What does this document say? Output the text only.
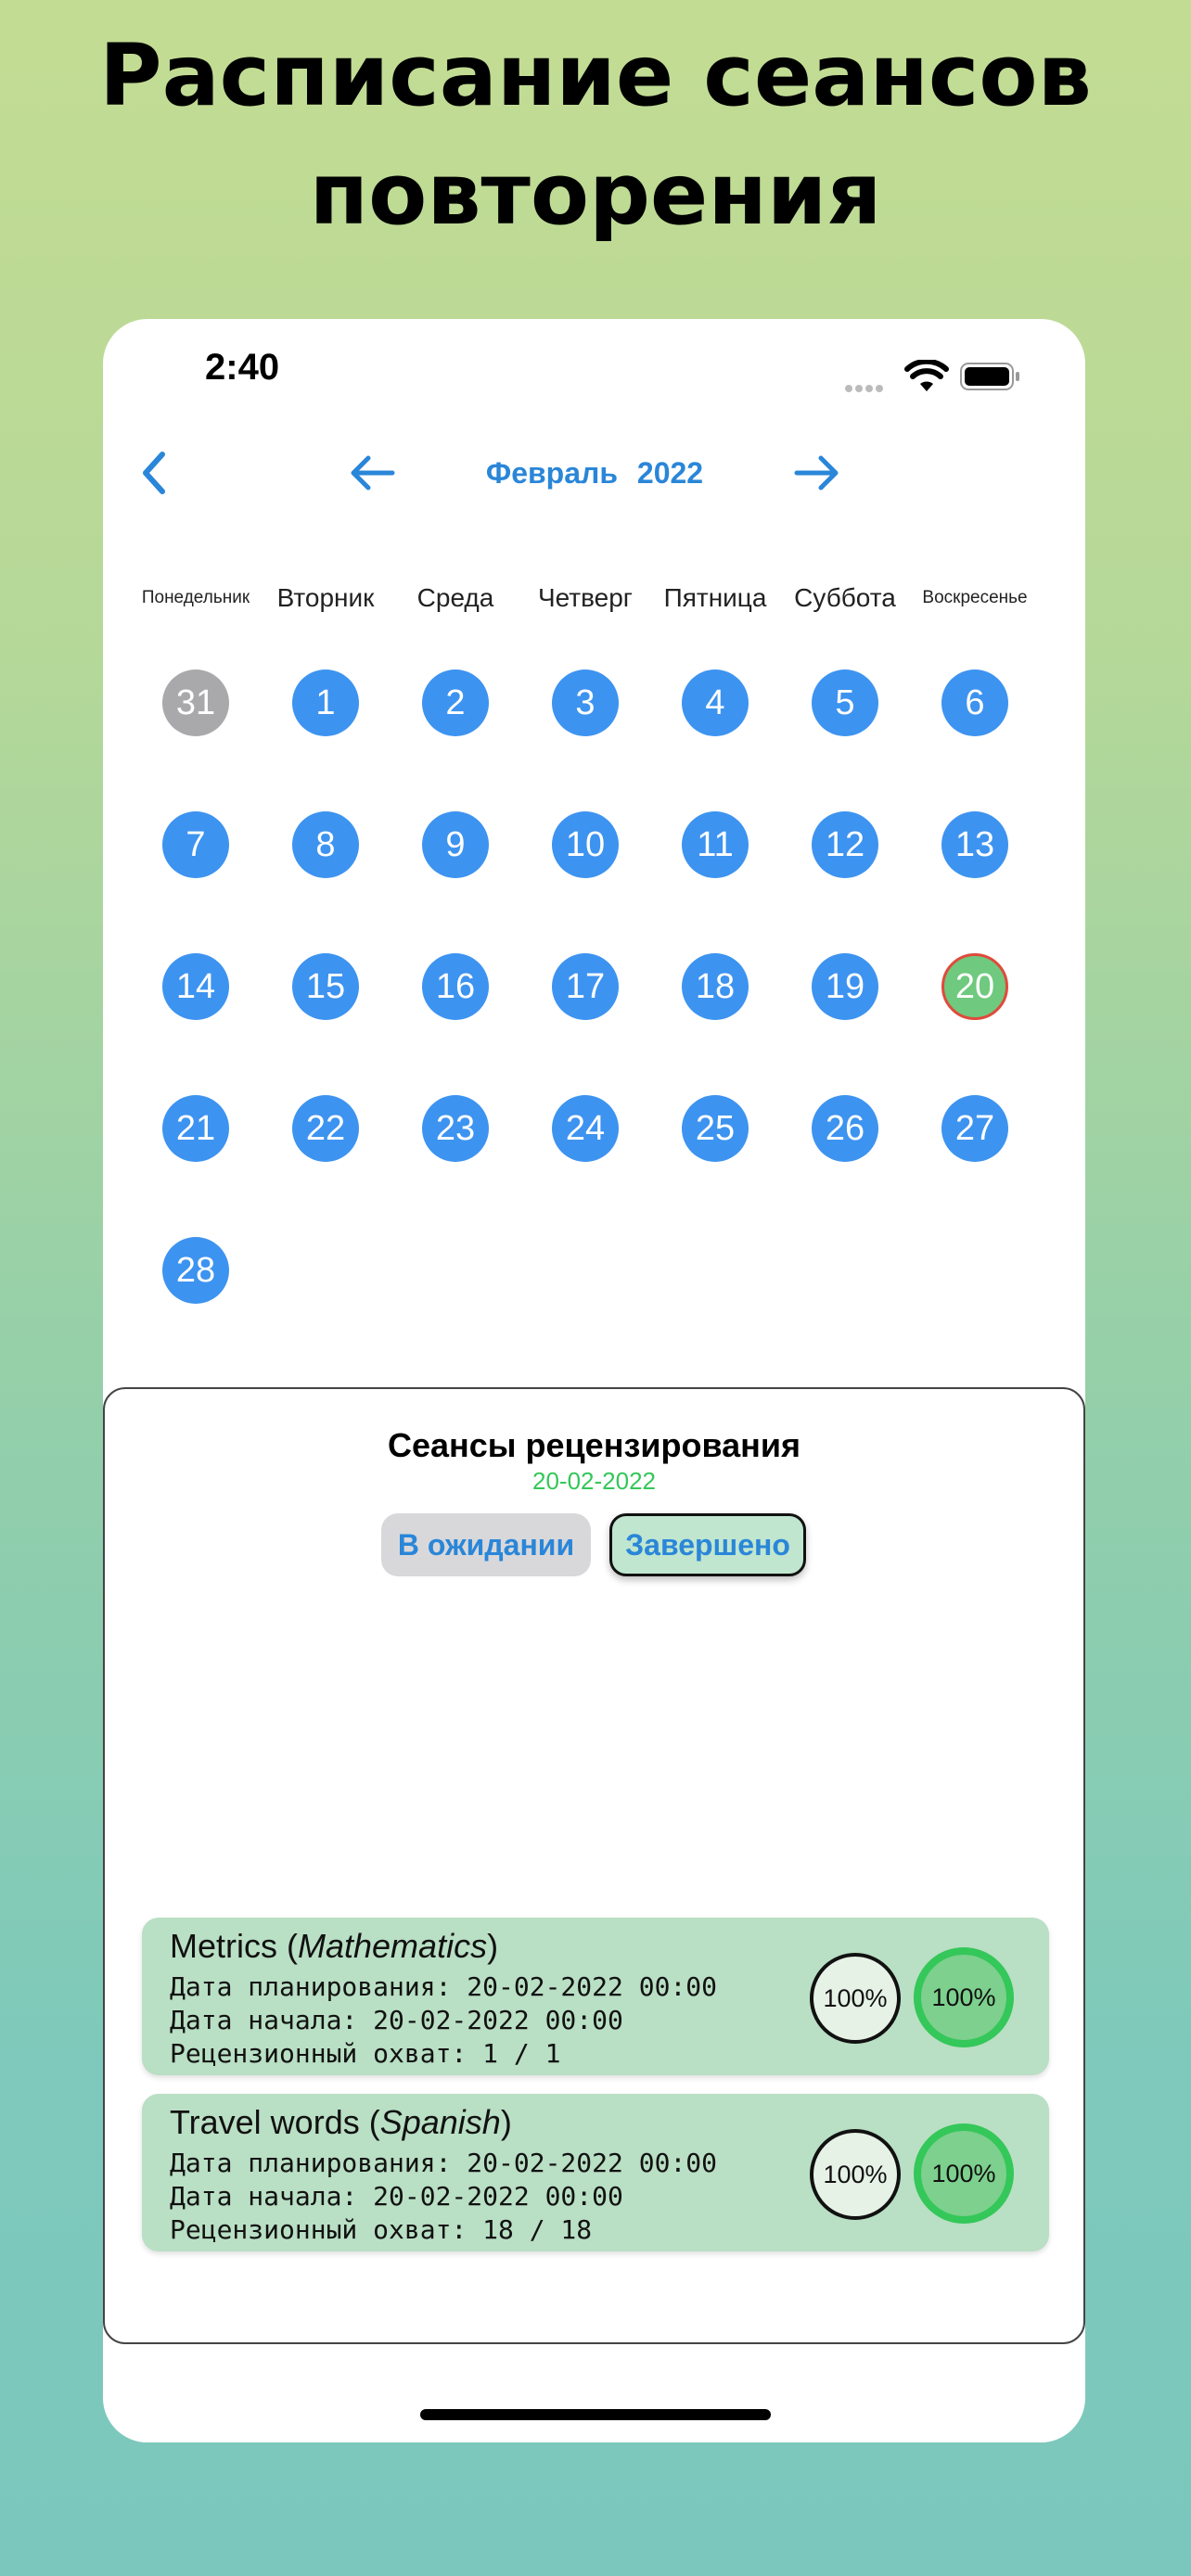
Расписание сеансов
повторения
2:40
Февраль 2022
Понедельник	Вторник	Среда	Четверг	Пятница	Суббота	Воскресенье
31	1	2	3	4	5	6
7	8	9	10	11	12	13
14	15	16	17	18	19	20
21	22	23	24	25	26	27
28
Сеансы рецензирования
20-02-2022
В ожидании	Завершено
Metrics (Mathematics)
Дата планирования: 20-02-2022 00:00
Дата начала: 20-02-2022 00:00
Рецензионный охват: 1 / 1
100%	100%
Travel words (Spanish)
Дата планирования: 20-02-2022 00:00
Дата начала: 20-02-2022 00:00
Рецензионный охват: 18 / 18
100%	100%
